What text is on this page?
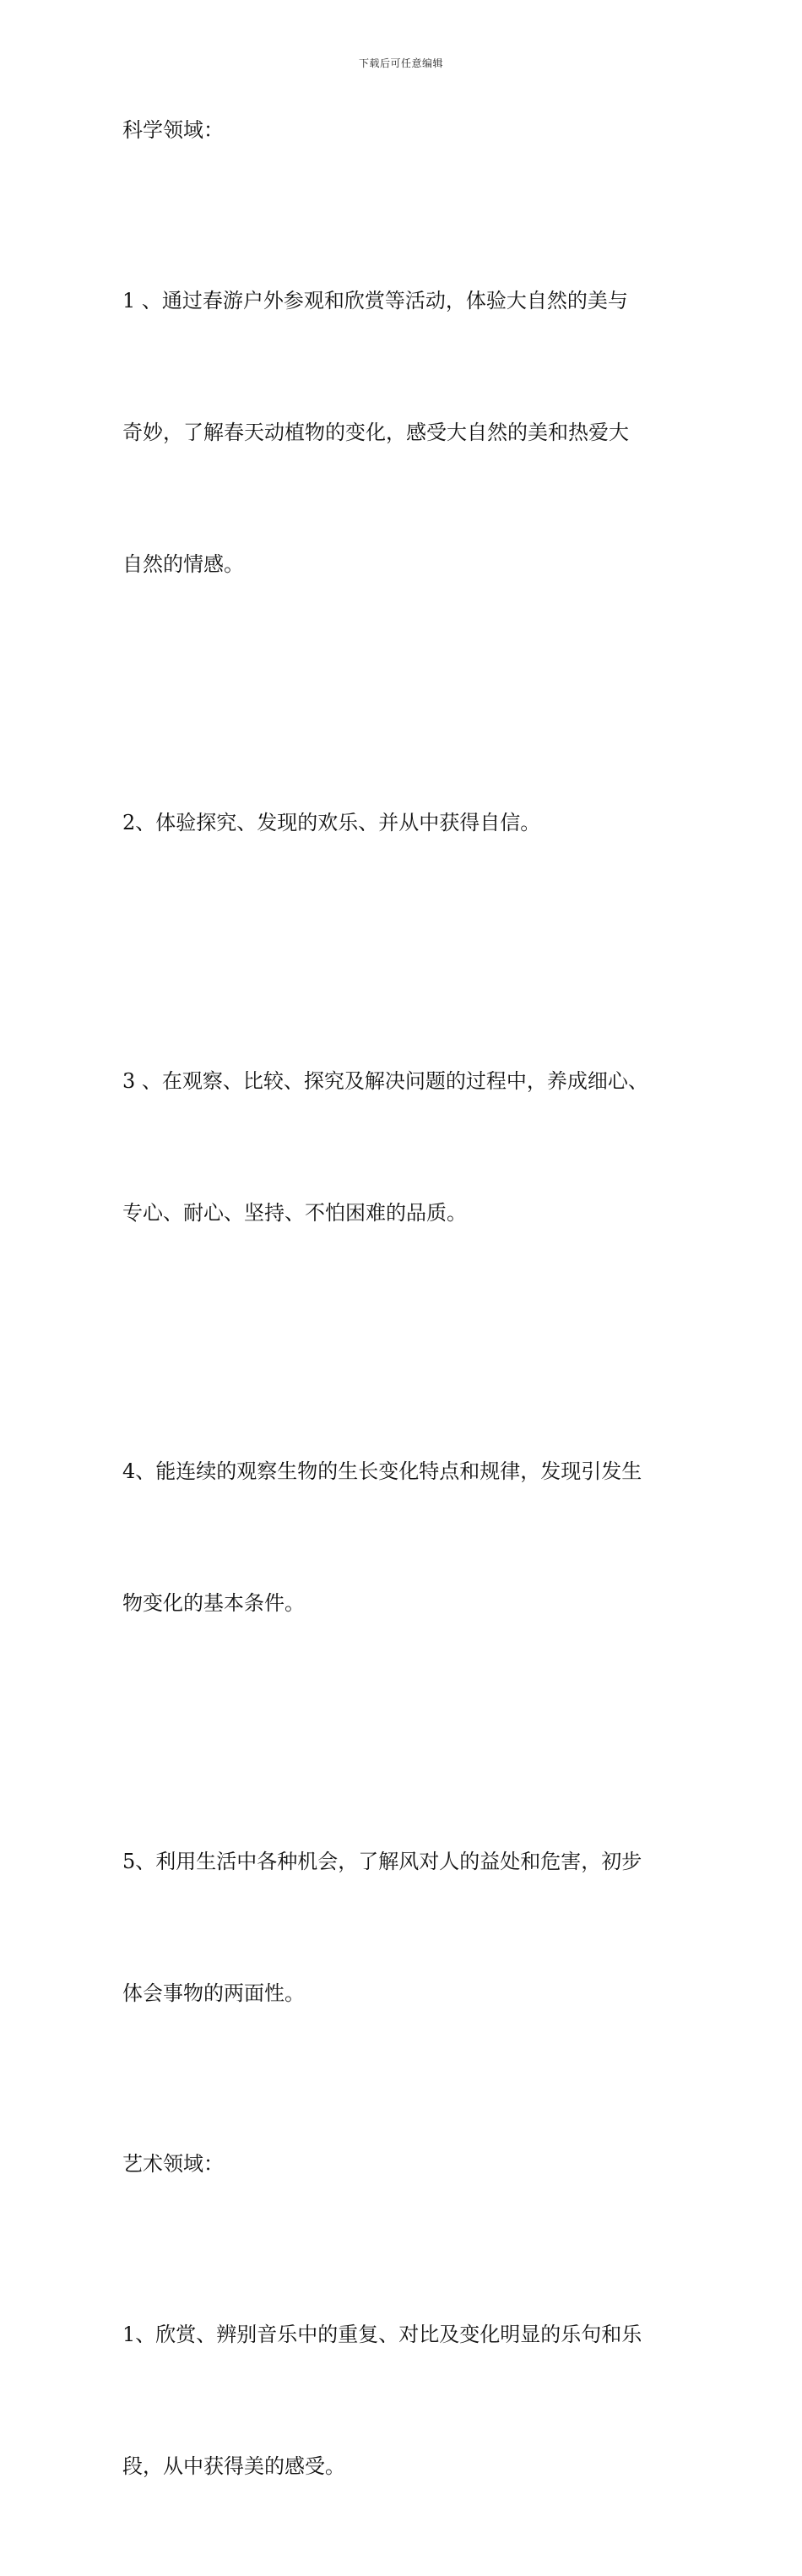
下载后可任意编辑

科学领域：

1 、通过春游户外参观和欣赏等活动，体验大自然的美与

奇妙，了解春天动植物的变化，感受大自然的美和热爱大

自然的情感。

2、体验探究、发现的欢乐、并从中获得自信。

3 、在观察、比较、探究及解决问题的过程中，养成细心、

专心、耐心、坚持、不怕困难的品质。

4、能连续的观察生物的生长变化特点和规律，发现引发生

物变化的基本条件。

5、利用生活中各种机会，了解风对人的益处和危害，初步

体会事物的两面性。

艺术领域：

1、欣赏、辨别音乐中的重复、对比及变化明显的乐句和乐

段，从中获得美的感受。
